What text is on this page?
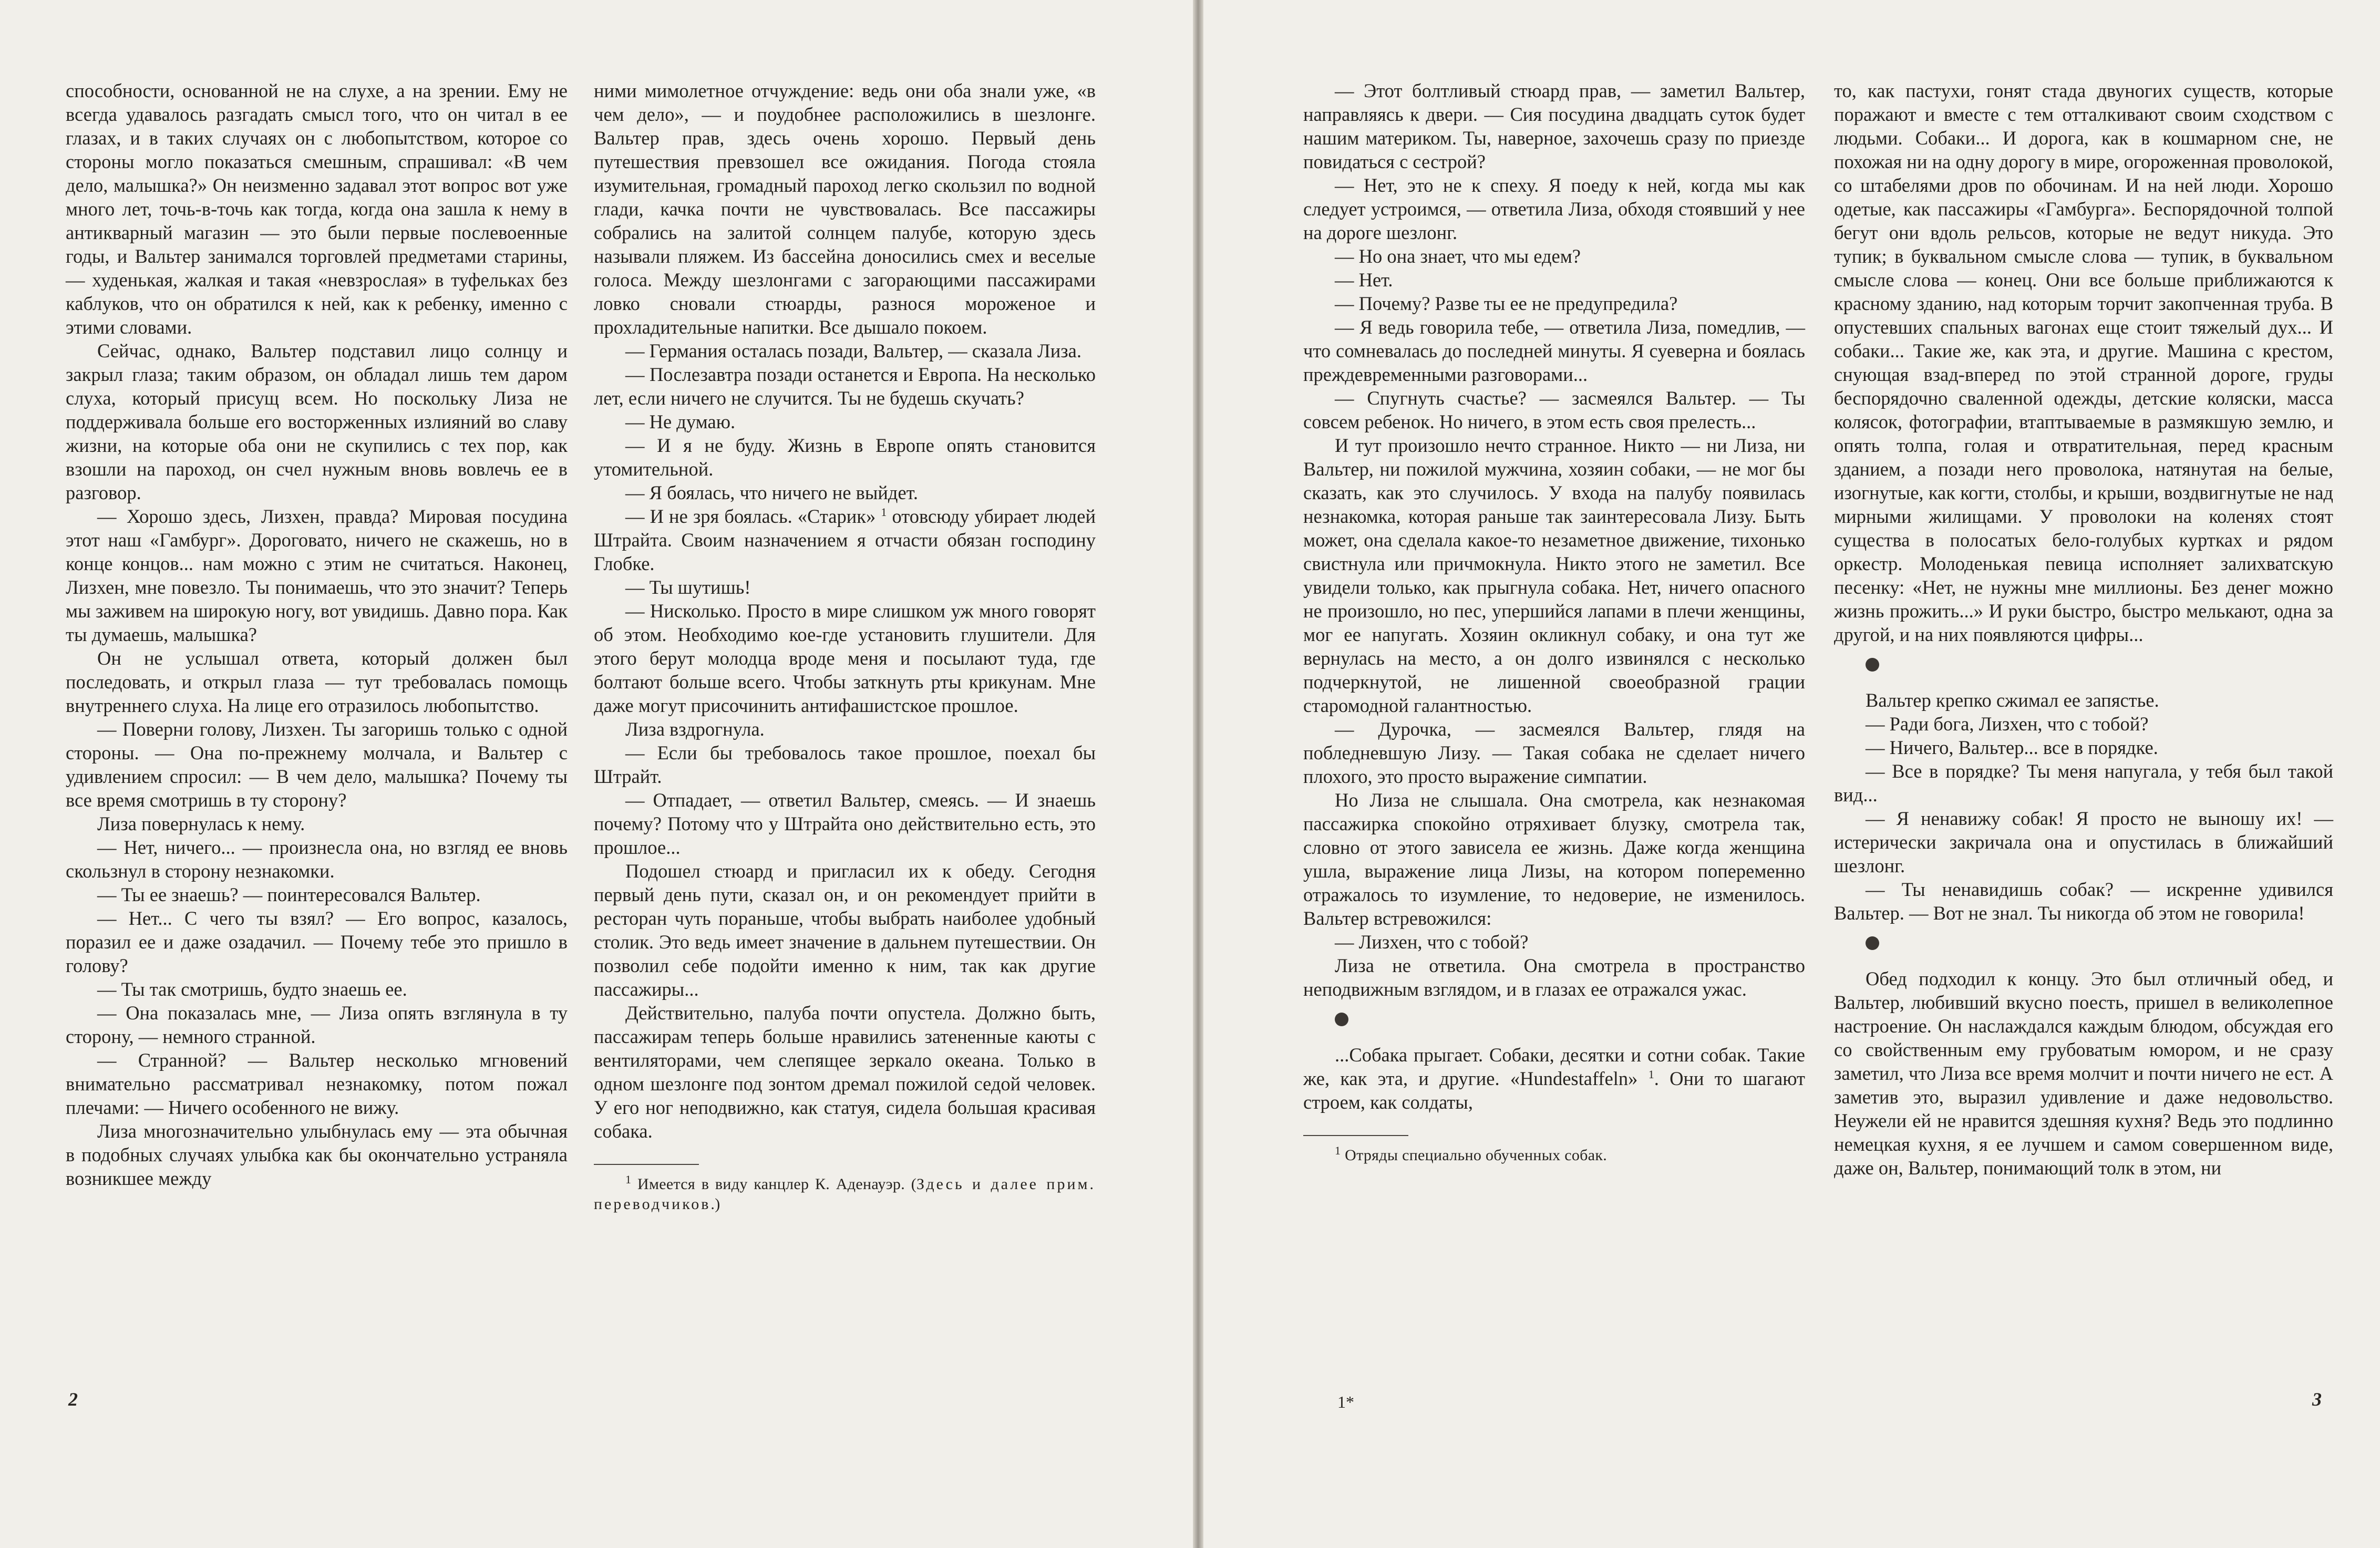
способности, основанной не на слухе, а на зрении. Ему не всегда удавалось разгадать смысл того, что он читал в ее глазах, и в таких случаях он с любопытством, которое со стороны могло показаться смешным, спрашивал: «В чем дело, малышка?» Он неизменно задавал этот вопрос вот уже много лет, точь-в-точь как тогда, когда она зашла к нему в антикварный магазин — это были первые послевоенные годы, и Вальтер занимался торговлей предметами старины, — худенькая, жалкая и такая «невзрослая» в туфельках без каблуков, что он обратился к ней, как к ребенку, именно с этими словами.

Сейчас, однако, Вальтер подставил лицо солнцу и закрыл глаза; таким образом, он обладал лишь тем даром слуха, который присущ всем. Но поскольку Лиза не поддерживала больше его восторженных излияний во славу жизни, на которые оба они не скупились с тех пор, как взошли на пароход, он счел нужным вновь вовлечь ее в разговор.

— Хорошо здесь, Лизхен, правда? Мировая посудина этот наш «Гамбург». Дороговато, ничего не скажешь, но в конце концов... нам можно с этим не считаться. Наконец, Лизхен, мне повезло. Ты понимаешь, что это значит? Теперь мы заживем на широкую ногу, вот увидишь. Давно пора. Как ты думаешь, малышка?

Он не услышал ответа, который должен был последовать, и открыл глаза — тут требовалась помощь внутреннего слуха. На лице его отразилось любопытство.

— Поверни голову, Лизхен. Ты загоришь только с одной стороны. — Она по-прежнему молчала, и Вальтер с удивлением спросил: — В чем дело, малышка? Почему ты все время смотришь в ту сторону?

Лиза повернулась к нему.

— Нет, ничего... — произнесла она, но взгляд ее вновь скользнул в сторону незнакомки.

— Ты ее знаешь? — поинтересовался Вальтер.

— Нет... С чего ты взял? — Его вопрос, казалось, поразил ее и даже озадачил. — Почему тебе это пришло в голову?

— Ты так смотришь, будто знаешь ее.

— Она показалась мне, — Лиза опять взглянула в ту сторону, — немного странной.

— Странной? — Вальтер несколько мгновений внимательно рассматривал незнакомку, потом пожал плечами: — Ничего особенного не вижу.

Лиза многозначительно улыбнулась ему — эта обычная в подобных случаях улыбка как бы окончательно устраняла возникшее между

ними мимолетное отчуждение: ведь они оба знали уже, «в чем дело», — и поудобнее расположились в шезлонге. Вальтер прав, здесь очень хорошо. Первый день путешествия превзошел все ожидания. Погода стояла изумительная, громадный пароход легко скользил по водной глади, качка почти не чувствовалась. Все пассажиры собрались на залитой солнцем палубе, которую здесь называли пляжем. Из бассейна доносились смех и веселые голоса. Между шезлонгами с загорающими пассажирами ловко сновали стюарды, разнося мороженое и прохладительные напитки. Все дышало покоем.

— Германия осталась позади, Вальтер, — сказала Лиза.

— Послезавтра позади останется и Европа. На несколько лет, если ничего не случится. Ты не будешь скучать?

— Не думаю.

— И я не буду. Жизнь в Европе опять становится утомительной.

— Я боялась, что ничего не выйдет.

— И не зря боялась. «Старик» $^1$ отовсюду убирает людей Штрайта. Своим назначением я отчасти обязан господину Глобке.

— Ты шутишь!

— Нисколько. Просто в мире слишком уж много говорят об этом. Необходимо кое-где установить глушители. Для этого берут молодца вроде меня и посылают туда, где болтают больше всего. Чтобы заткнуть рты крикунам. Мне даже могут присочинить антифашистское прошлое.

Лиза вздрогнула.

— Если бы требовалось такое прошлое, поехал бы Штрайт.

— Отпадает, — ответил Вальтер, смеясь. — И знаешь почему? Потому что у Штрайта оно действительно есть, это прошлое...

Подошел стюард и пригласил их к обеду. Сегодня первый день пути, сказал он, и он рекомендует прийти в ресторан чуть пораньше, чтобы выбрать наиболее удобный столик. Это ведь имеет значение в дальнем путешествии. Он позволил себе подойти именно к ним, так как другие пассажиры...

Действительно, палуба почти опустела. Должно быть, пассажирам теперь больше нравились затененные каюты с вентиляторами, чем слепящее зеркало океана. Только в одном шезлонге под зонтом дремал пожилой седой человек. У его ног неподвижно, как статуя, сидела большая красивая собака.

$^1$ Имеется в виду канцлер К. Аденауэр. (Здесь и далее прим. переводчиков.)
2

— Этот болтливый стюард прав, — заметил Вальтер, направляясь к двери. — Сия посудина двадцать суток будет нашим материком. Ты, наверное, захочешь сразу по приезде повидаться с сестрой?

— Нет, это не к спеху. Я поеду к ней, когда мы как следует устроимся, — ответила Лиза, обходя стоявший у нее на дороге шезлонг.

— Но она знает, что мы едем?

— Нет.

— Почему? Разве ты ее не предупредила?

— Я ведь говорила тебе, — ответила Лиза, помедлив, — что сомневалась до последней минуты. Я суеверна и боялась преждевременными разговорами...

— Спугнуть счастье? — засмеялся Вальтер. — Ты совсем ребенок. Но ничего, в этом есть своя прелесть...

И тут произошло нечто странное. Никто — ни Лиза, ни Вальтер, ни пожилой мужчина, хозяин собаки, — не мог бы сказать, как это случилось. У входа на палубу появилась незнакомка, которая раньше так заинтересовала Лизу. Быть может, она сделала какое-то незаметное движение, тихонько свистнула или причмокнула. Никто этого не заметил. Все увидели только, как прыгнула собака. Нет, ничего опасного не произошло, но пес, упершийся лапами в плечи женщины, мог ее напугать. Хозяин окликнул собаку, и она тут же вернулась на место, а он долго извинялся с несколько подчеркнутой, не лишенной своеобразной грации старомодной галантностью.

— Дурочка, — засмеялся Вальтер, глядя на побледневшую Лизу. — Такая собака не сделает ничего плохого, это просто выражение симпатии.

Но Лиза не слышала. Она смотрела, как незнакомая пассажирка спокойно отряхивает блузку, смотрела так, словно от этого зависела ее жизнь. Даже когда женщина ушла, выражение лица Лизы, на котором попеременно отражалось то изумление, то недоверие, не изменилось. Вальтер встревожился:

— Лизхен, что с тобой?

Лиза не ответила. Она смотрела в пространство неподвижным взглядом, и в глазах ее отражался ужас.

...Собака прыгает. Собаки, десятки и сотни собак. Такие же, как эта, и другие. «Hundestaffeln» $^1$. Они то шагают строем, как солдаты,

$^1$ Отряды специально обученных собак.

то, как пастухи, гонят стада двуногих существ, которые поражают и вместе с тем отталкивают своим сходством с людьми. Собаки... И дорога, как в кошмарном сне, не похожая ни на одну дорогу в мире, огороженная проволокой, со штабелями дров по обочинам. И на ней люди. Хорошо одетые, как пассажиры «Гамбурга». Беспорядочной толпой бегут они вдоль рельсов, которые не ведут никуда. Это тупик; в буквальном смысле слова — тупик, в буквальном смысле слова — конец. Они все больше приближаются к красному зданию, над которым торчит закопченная труба. В опустевших спальных вагонах еще стоит тяжелый дух... И собаки... Такие же, как эта, и другие. Машина с крестом, снующая взад-вперед по этой странной дороге, груды беспорядочно сваленной одежды, детские коляски, масса колясок, фотографии, втаптываемые в размякшую землю, и опять толпа, голая и отвратительная, перед красным зданием, а позади него проволока, натянутая на белые, изогнутые, как когти, столбы, и крыши, воздвигнутые не над мирными жилищами. У проволоки на коленях стоят существа в полосатых бело-голубых куртках и рядом оркестр. Молоденькая певица исполняет залихватскую песенку: «Нет, не нужны мне миллионы. Без денег можно жизнь прожить...» И руки быстро, быстро мелькают, одна за другой, и на них появляются цифры...

Вальтер крепко сжимал ее запястье.

— Ради бога, Лизхен, что с тобой?

— Ничего, Вальтер... все в порядке.

— Все в порядке? Ты меня напугала, у тебя был такой вид...

— Я ненавижу собак! Я просто не выношу их! — истерически закричала она и опустилась в ближайший шезлонг.

— Ты ненавидишь собак? — искренне удивился Вальтер. — Вот не знал. Ты никогда об этом не говорила!

Обед подходил к концу. Это был отличный обед, и Вальтер, любивший вкусно поесть, пришел в великолепное настроение. Он наслаждался каждым блюдом, обсуждая его со свойственным ему грубоватым юмором, и не сразу заметил, что Лиза все время молчит и почти ничего не ест. А заметив это, выразил удивление и даже недовольство. Неужели ей не нравится здешняя кухня? Ведь это подлинно немецкая кухня, я ее лучшем и самом совершенном виде, даже он, Вальтер, понимающий толк в этом, ни

1*	3
